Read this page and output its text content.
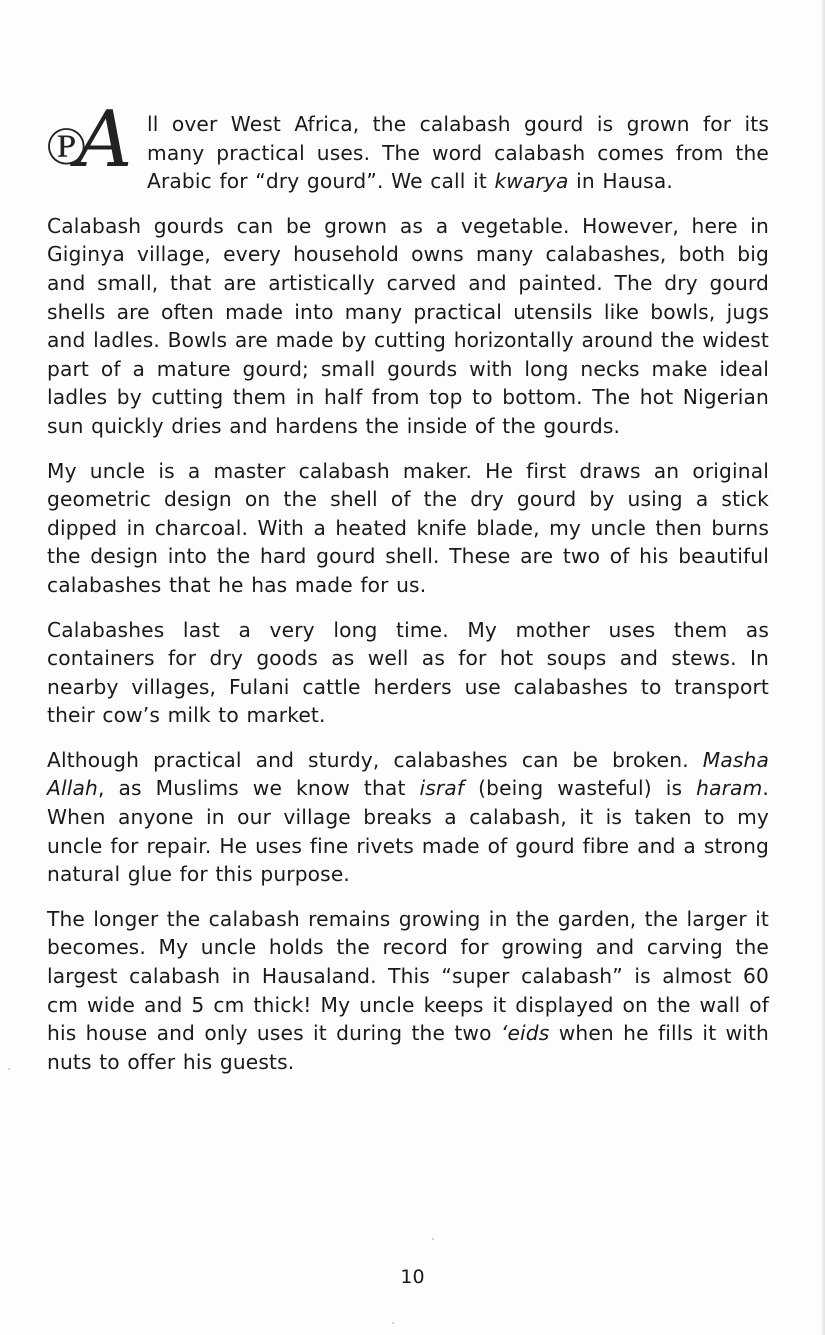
℗A ll over West Africa, the calabash gourd is grown for its many practical uses. The word calabash comes from the Arabic for “dry gourd”. We call it kwarya in Hausa.

Calabash gourds can be grown as a vegetable. However, here in Giginya village, every household owns many calabashes, both big and small, that are artistically carved and painted. The dry gourd shells are often made into many practical utensils like bowls, jugs and ladles. Bowls are made by cutting horizontally around the widest part of a mature gourd; small gourds with long necks make ideal ladles by cutting them in half from top to bottom. The hot Nigerian sun quickly dries and hardens the inside of the gourds.

My uncle is a master calabash maker. He first draws an original geometric design on the shell of the dry gourd by using a stick dipped in charcoal. With a heated knife blade, my uncle then burns the design into the hard gourd shell. These are two of his beautiful calabashes that he has made for us.

Calabashes last a very long time. My mother uses them as containers for dry goods as well as for hot soups and stews. In nearby villages, Fulani cattle herders use calabashes to transport their cow’s milk to market.

Although practical and sturdy, calabashes can be broken. Masha Allah, as Muslims we know that israf (being wasteful) is haram. When anyone in our village breaks a calabash, it is taken to my uncle for repair. He uses fine rivets made of gourd fibre and a strong natural glue for this purpose.

The longer the calabash remains growing in the garden, the larger it becomes. My uncle holds the record for growing and carving the largest calabash in Hausaland. This “super calabash” is almost 60 cm wide and 5 cm thick! My uncle keeps it displayed on the wall of his house and only uses it during the two ‘eids when he fills it with nuts to offer his guests.

10
